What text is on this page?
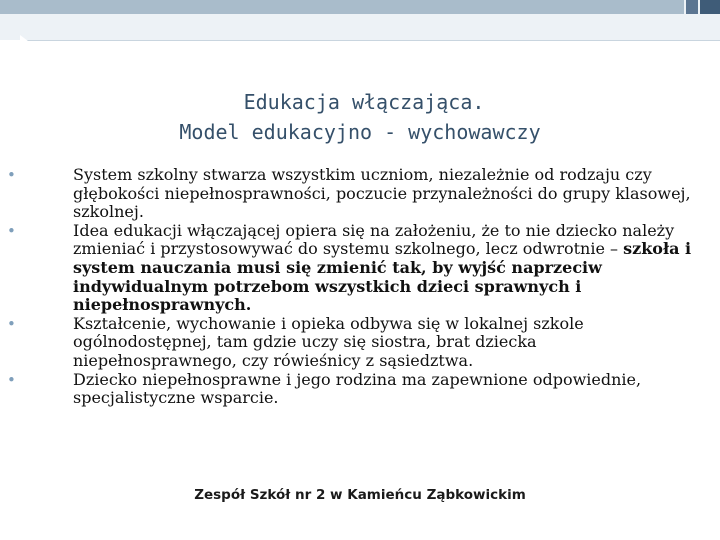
Edukacja włączająca.
Model edukacyjno - wychowawczy
•	System szkolny stwarza wszystkim uczniom, niezależnie od rodzaju czy głębokości niepełnosprawności, poczucie przynależności do grupy klasowej, szkolnej.
•	Idea edukacji włączającej opiera się na założeniu, że to nie dziecko należy zmieniać i przystosowywać do systemu szkolnego, lecz odwrotnie – szkoła i system nauczania musi się zmienić tak, by wyjść naprzeciw indywidualnym potrzebom wszystkich dzieci sprawnych i niepełnosprawnych.
•	Kształcenie, wychowanie i opieka odbywa się w lokalnej szkole ogólnodostępnej, tam gdzie uczy się siostra, brat dziecka niepełnosprawnego, czy rówieśnicy z sąsiedztwa.
•	Dziecko niepełnosprawne i jego rodzina ma zapewnione odpowiednie, specjalistyczne wsparcie.
Zespół Szkół nr 2 w Kamieńcu Ząbkowickim
